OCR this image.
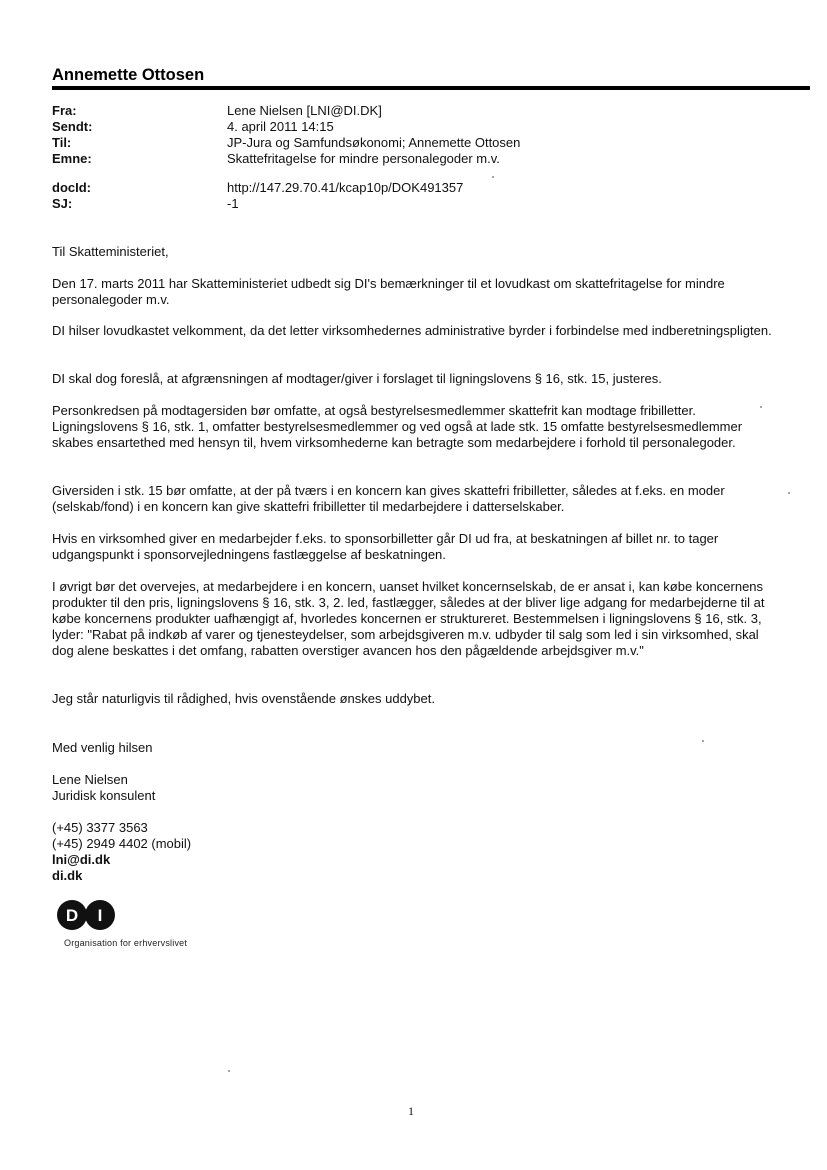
Annemette Ottosen
Fra:	Lene Nielsen [LNI@DI.DK]
Sendt:	4. april 2011 14:15
Til:	JP-Jura og Samfundsøkonomi; Annemette Ottosen
Emne:	Skattefritagelse for mindre personalegoder m.v.
docId:	http://147.29.70.41/kcap10p/DOK491357
SJ:	-1

Til Skatteministeriet,

Den 17. marts 2011 har Skatteministeriet udbedt sig DI's bemærkninger til et lovudkast om skattefritagelse for mindre personalegoder m.v.

DI hilser lovudkastet velkomment, da det letter virksomhedernes administrative byrder i forbindelse med indberetningspligten.

DI skal dog foreslå, at afgrænsningen af modtager/giver i forslaget til ligningslovens § 16, stk. 15, justeres.

Personkredsen på modtagersiden bør omfatte, at også bestyrelsesmedlemmer skattefrit kan modtage fribilletter. Ligningslovens § 16, stk. 1, omfatter bestyrelsesmedlemmer og ved også at lade stk. 15 omfatte bestyrelsesmedlemmer skabes ensartethed med hensyn til, hvem virksomhederne kan betragte som medarbejdere i forhold til personalegoder.

Giversiden i stk. 15 bør omfatte, at der på tværs i en koncern kan gives skattefri fribilletter, således at f.eks. en moder (selskab/fond) i en koncern kan give skattefri fribilletter til medarbejdere i datterselskaber.

Hvis en virksomhed giver en medarbejder f.eks. to sponsorbilletter går DI ud fra, at beskatningen af billet nr. to tager udgangspunkt i sponsorvejledningens fastlæggelse af beskatningen.

I øvrigt bør det overvejes, at medarbejdere i en koncern, uanset hvilket koncernselskab, de er ansat i, kan købe koncernens produkter til den pris, ligningslovens § 16, stk. 3, 2. led, fastlægger, således at der bliver lige adgang for medarbejderne til at købe koncernens produkter uafhængigt af, hvorledes koncernen er struktureret. Bestemmelsen i ligningslovens § 16, stk. 3, lyder: "Rabat på indkøb af varer og tjenesteydelser, som arbejdsgiveren m.v. udbyder til salg som led i sin virksomhed, skal dog alene beskattes i det omfang, rabatten overstiger avancen hos den pågældende arbejdsgiver m.v."

Jeg står naturligvis til rådighed, hvis ovenstående ønskes uddybet.

Med venlig hilsen
Lene Nielsen
Juridisk konsulent
(+45) 3377 3563
(+45) 2949 4402 (mobil)
lni@di.dk
di.dk
D I
Organisation for erhvervslivet
1
